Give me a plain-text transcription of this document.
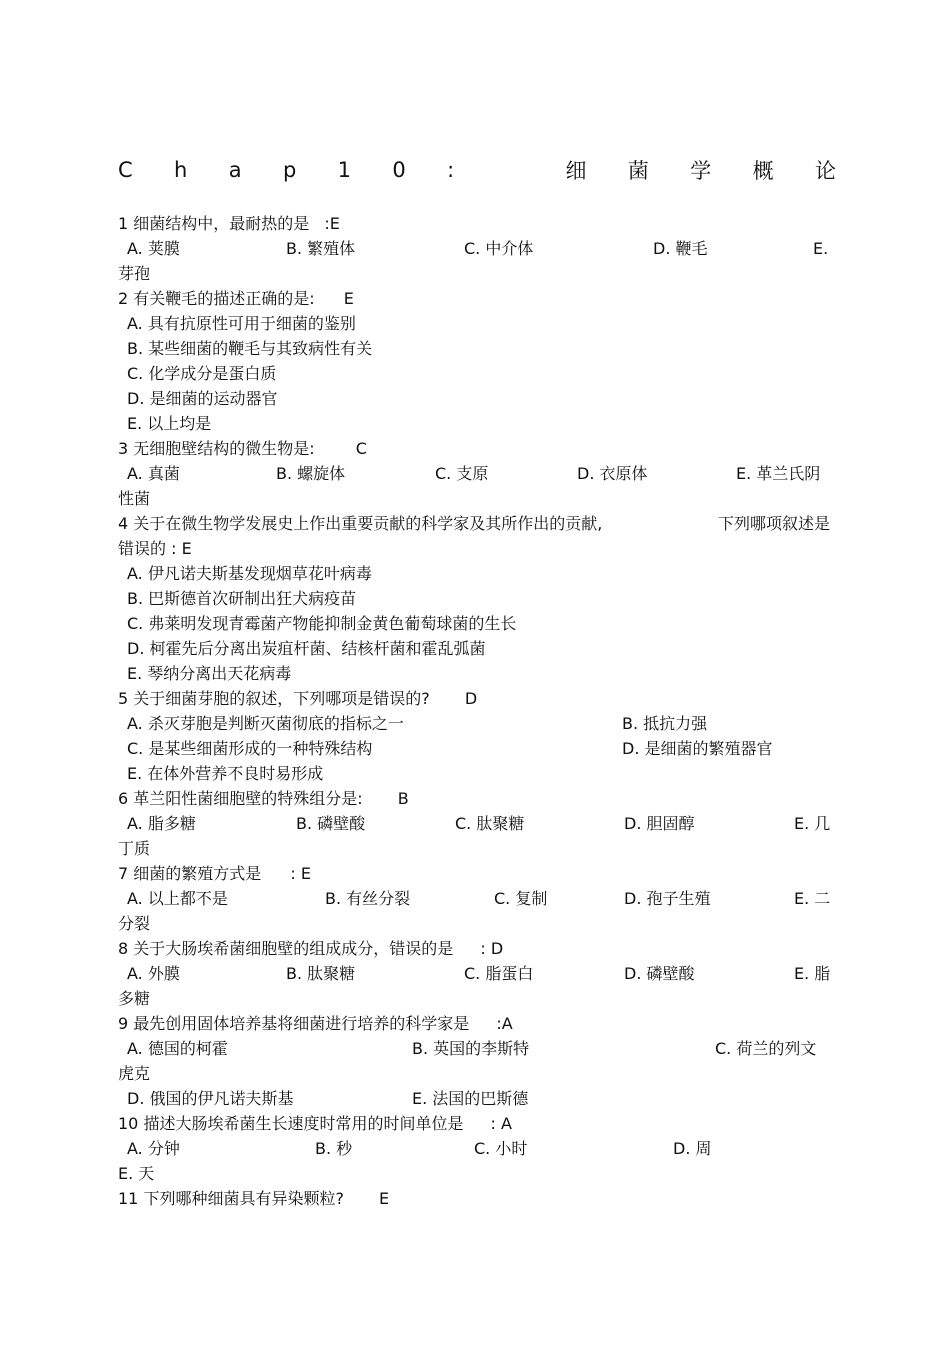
C h a p 1 0 :	细 菌 学 概 论
1 细菌结构中，最耐热的是 :E
A. 荚膜	B. 繁殖体	C. 中介体	D. 鞭毛	E.
芽孢
2 有关鞭毛的描述正确的是: E
A. 具有抗原性可用于细菌的鉴别
B. 某些细菌的鞭毛与其致病性有关
C. 化学成分是蛋白质
D. 是细菌的运动器官
E. 以上均是
3 无细胞壁结构的微生物是:	C
A. 真菌	B. 螺旋体	C. 支原	D. 衣原体	E. 革兰氏阴
性菌
4 关于在微生物学发展史上作出重要贡献的科学家及其所作出的贡献,	下列哪项叙述是
错误的 : E
A. 伊凡诺夫斯基发现烟草花叶病毒
B. 巴斯德首次研制出狂犬病疫苗
C. 弗莱明发现青霉菌产物能抑制金黄色葡萄球菌的生长
D. 柯霍先后分离出炭疽杆菌、结核杆菌和霍乱弧菌
E. 琴纳分离出天花病毒
5 关于细菌芽胞的叙述，下列哪项是错误的? D
A. 杀灭芽胞是判断灭菌彻底的指标之一	B. 抵抗力强
C. 是某些细菌形成的一种特殊结构	D. 是细菌的繁殖器官
E. 在体外营养不良时易形成
6 革兰阳性菌细胞壁的特殊组分是: B
A. 脂多糖	B. 磷壁酸	C. 肽聚糖	D. 胆固醇	E. 几
丁质
7 细菌的繁殖方式是 : E
A. 以上都不是	B. 有丝分裂	C. 复制	D. 孢子生殖	E. 二
分裂
8 关于大肠埃希菌细胞壁的组成成分，错误的是 : D
A. 外膜	B. 肽聚糖	C. 脂蛋白	D. 磷壁酸	E. 脂
多糖
9 最先创用固体培养基将细菌进行培养的科学家是 :A
A. 德国的柯霍	B. 英国的李斯特	C. 荷兰的列文
虎克
D. 俄国的伊凡诺夫斯基	E. 法国的巴斯德
10 描述大肠埃希菌生长速度时常用的时间单位是 : A
A. 分钟	B. 秒	C. 小时	D. 周
E. 天
11 下列哪种细菌具有异染颗粒? E
